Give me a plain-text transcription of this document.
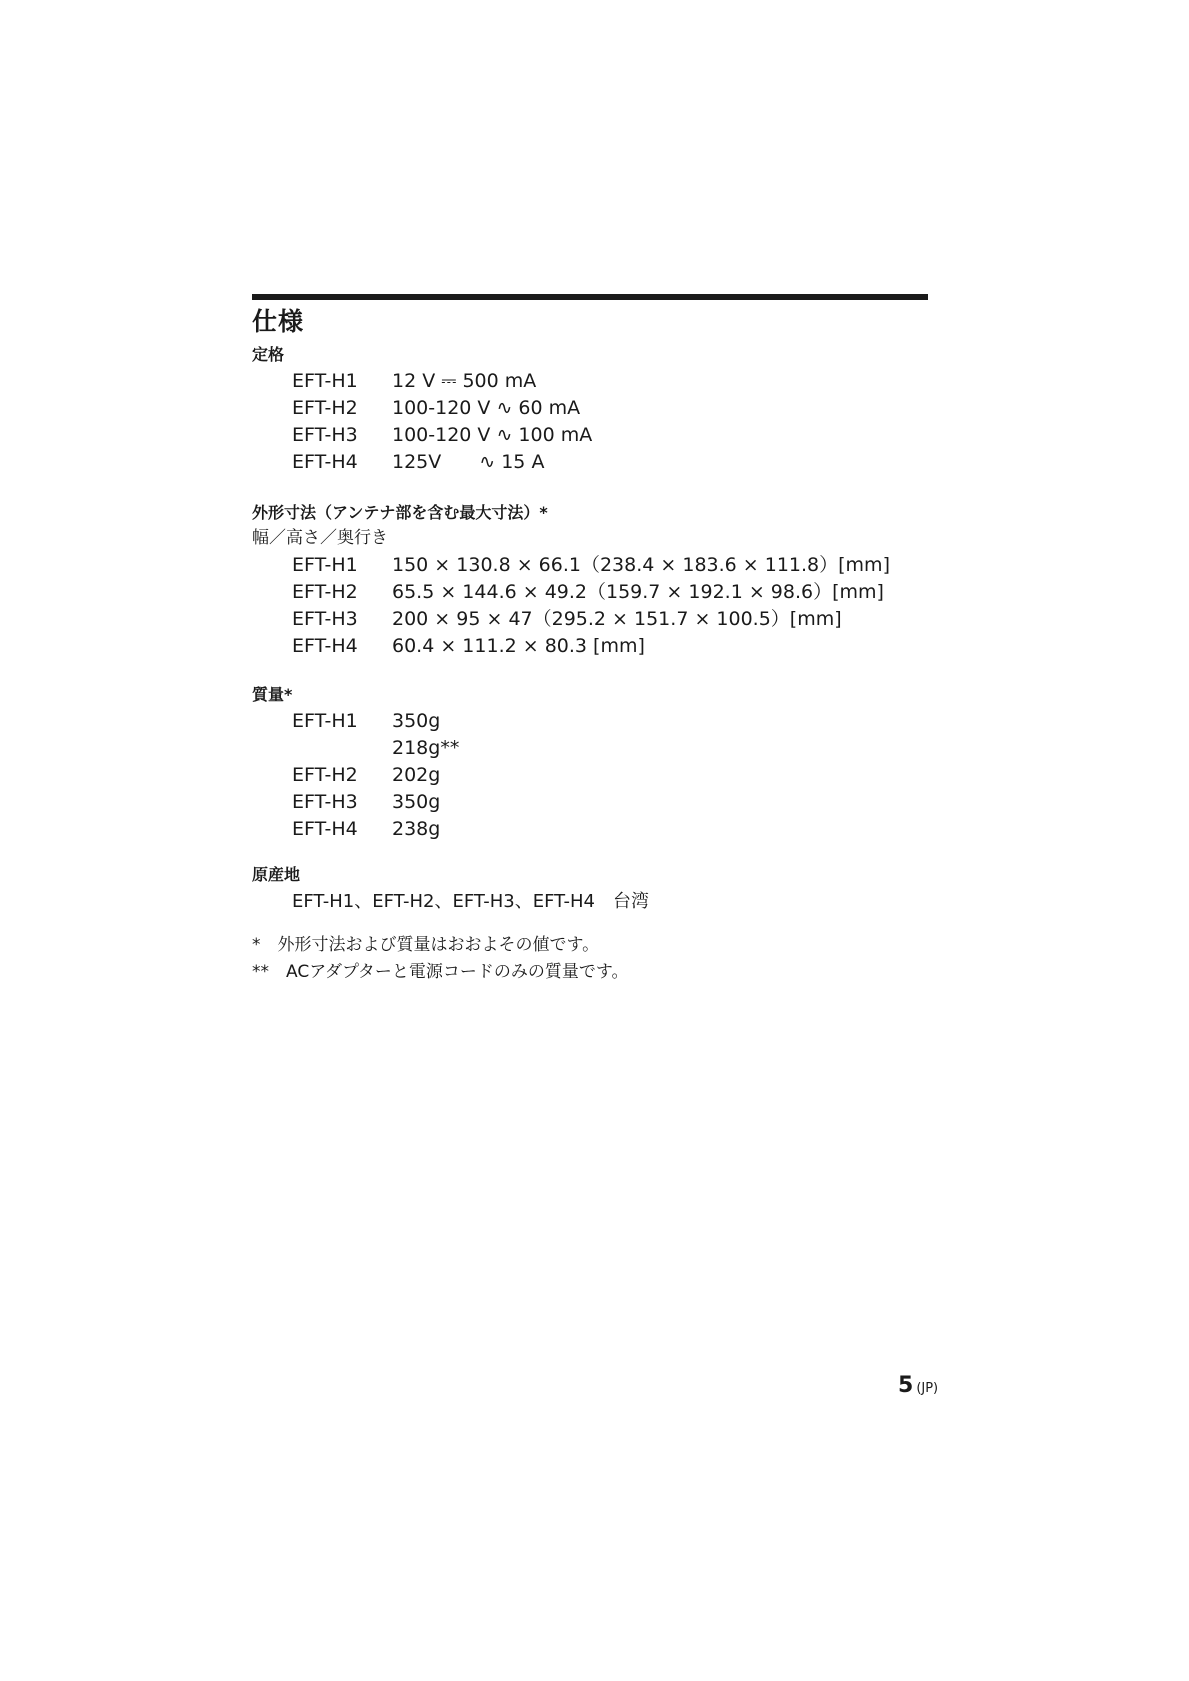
仕様
定格
EFT-H1 12 V ⎓ 500 mA
EFT-H2 100-120 V ∿ 60 mA
EFT-H3 100-120 V ∿ 100 mA
EFT-H4 125V　　∿ 15 A
外形寸法（アンテナ部を含む最大寸法）*
幅／高さ／奥行き
EFT-H1 150 × 130.8 × 66.1（238.4 × 183.6 × 111.8）[mm]
EFT-H2 65.5 × 144.6 × 49.2（159.7 × 192.1 × 98.6）[mm]
EFT-H3 200 × 95 × 47（295.2 × 151.7 × 100.5）[mm]
EFT-H4 60.4 × 111.2 × 80.3 [mm]
質量*
EFT-H1 350g
218g**
EFT-H2 202g
EFT-H3 350g
EFT-H4 238g
原産地
EFT-H1、EFT-H2、EFT-H3、EFT-H4　台湾
*　外形寸法および質量はおおよその値です。
**　ACアダプターと電源コードのみの質量です。
5 (JP)
